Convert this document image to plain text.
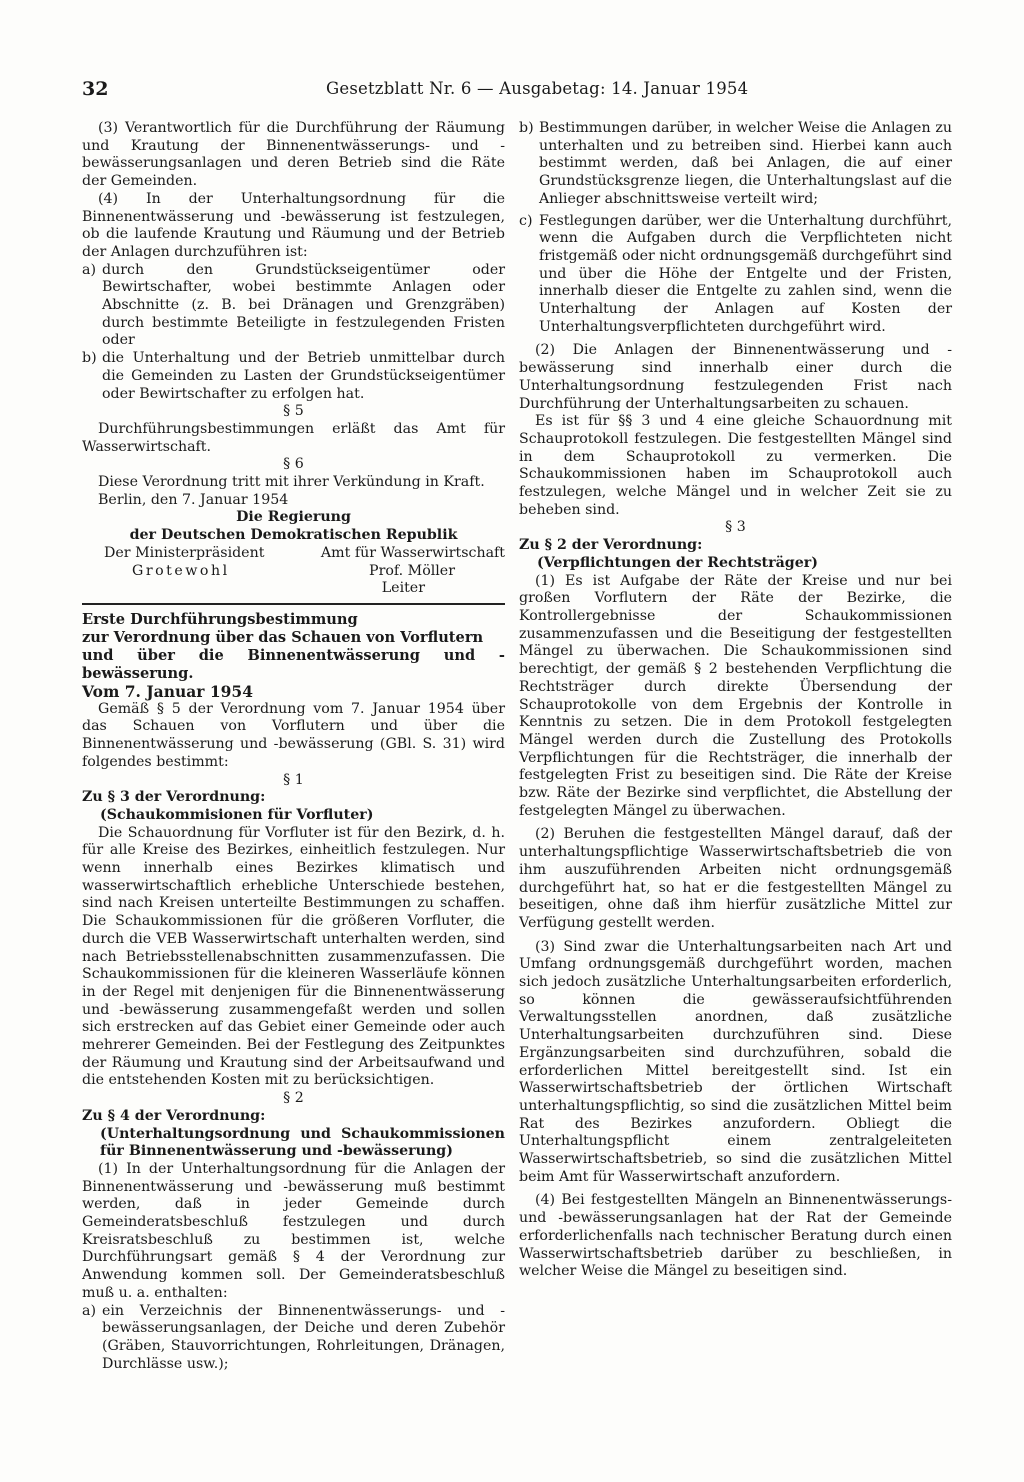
32	Gesetzblatt Nr. 6 — Ausgabetag: 14. Januar 1954

(3) Verantwortlich für die Durchführung der Räumung und Krautung der Binnenentwässerungs- und -bewässerungsanlagen und deren Betrieb sind die Räte der Gemeinden.

(4) In der Unterhaltungsordnung für die Binnenentwässerung und -bewässerung ist festzulegen, ob die laufende Krautung und Räumung und der Betrieb der Anlagen durchzuführen ist:

a) durch den Grundstückseigentümer oder Bewirtschafter, wobei bestimmte Anlagen oder Abschnitte (z. B. bei Dränagen und Grenzgräben) durch bestimmte Beteiligte in festzulegenden Fristen oder
b) die Unterhaltung und der Betrieb unmittelbar durch die Gemeinden zu Lasten der Grundstückseigentümer oder Bewirtschafter zu erfolgen hat.

§ 5

Durchführungsbestimmungen erläßt das Amt für Wasserwirtschaft.

§ 6

Diese Verordnung tritt mit ihrer Verkündung in Kraft.

Berlin, den 7. Januar 1954

Die Regierung

der Deutschen Demokratischen Republik

Der Ministerpräsident	Amt für Wasserwirtschaft
Grotewohl	Prof. Möller
Leiter

Erste Durchführungsbestimmung

zur Verordnung über das Schauen von Vorflutern

und über die Binnenentwässerung und -bewässerung.

Vom 7. Januar 1954

Gemäß § 5 der Verordnung vom 7. Januar 1954 über das Schauen von Vorflutern und über die Binnenentwässerung und -bewässerung (GBl. S. 31) wird folgendes bestimmt:

§ 1

Zu § 3 der Verordnung:

(Schaukommisionen für Vorfluter)

Die Schauordnung für Vorfluter ist für den Bezirk, d. h. für alle Kreise des Bezirkes, einheitlich festzulegen. Nur wenn innerhalb eines Bezirkes klimatisch und wasserwirtschaftlich erhebliche Unterschiede bestehen, sind nach Kreisen unterteilte Bestimmungen zu schaffen. Die Schaukommissionen für die größeren Vorfluter, die durch die VEB Wasserwirtschaft unterhalten werden, sind nach Betriebsstellenabschnitten zusammenzufassen. Die Schaukommissionen für die kleineren Wasserläufe können in der Regel mit denjenigen für die Binnenentwässerung und -bewässerung zusammengefaßt werden und sollen sich erstrecken auf das Gebiet einer Gemeinde oder auch mehrerer Gemeinden. Bei der Festlegung des Zeitpunktes der Räumung und Krautung sind der Arbeitsaufwand und die entstehenden Kosten mit zu berücksichtigen.

§ 2

Zu § 4 der Verordnung:

(Unterhaltungsordnung und Schaukommissionen für Binnenentwässerung und -bewässerung)

(1) In der Unterhaltungsordnung für die Anlagen der Binnenentwässerung und -bewässerung muß bestimmt werden, daß in jeder Gemeinde durch Gemeinderatsbeschluß festzulegen und durch Kreisratsbeschluß zu bestimmen ist, welche Durchführungsart gemäß § 4 der Verordnung zur Anwendung kommen soll. Der Gemeinderatsbeschluß muß u. a. enthalten:

a) ein Verzeichnis der Binnenentwässerungs- und -bewässerungsanlagen, der Deiche und deren Zubehör (Gräben, Stauvorrichtungen, Rohrleitungen, Dränagen, Durchlässe usw.);
b) Bestimmungen darüber, in welcher Weise die Anlagen zu unterhalten und zu betreiben sind. Hierbei kann auch bestimmt werden, daß bei Anlagen, die auf einer Grundstücksgrenze liegen, die Unterhaltungslast auf die Anlieger abschnittsweise verteilt wird;
c) Festlegungen darüber, wer die Unterhaltung durchführt, wenn die Aufgaben durch die Verpflichteten nicht fristgemäß oder nicht ordnungsgemäß durchgeführt sind und über die Höhe der Entgelte und der Fristen, innerhalb dieser die Entgelte zu zahlen sind, wenn die Unterhaltung der Anlagen auf Kosten der Unterhaltungsverpflichteten durchgeführt wird.

(2) Die Anlagen der Binnenentwässerung und -bewässerung sind innerhalb einer durch die Unterhaltungsordnung festzulegenden Frist nach Durchführung der Unterhaltungsarbeiten zu schauen.

Es ist für §§ 3 und 4 eine gleiche Schauordnung mit Schauprotokoll festzulegen. Die festgestellten Mängel sind in dem Schauprotokoll zu vermerken. Die Schaukommissionen haben im Schauprotokoll auch festzulegen, welche Mängel und in welcher Zeit sie zu beheben sind.

§ 3

Zu § 2 der Verordnung:

(Verpflichtungen der Rechtsträger)

(1) Es ist Aufgabe der Räte der Kreise und nur bei großen Vorflutern der Räte der Bezirke, die Kontrollergebnisse der Schaukommissionen zusammenzufassen und die Beseitigung der festgestellten Mängel zu überwachen. Die Schaukommissionen sind berechtigt, der gemäß § 2 bestehenden Verpflichtung die Rechtsträger durch direkte Übersendung der Schauprotokolle von dem Ergebnis der Kontrolle in Kenntnis zu setzen. Die in dem Protokoll festgelegten Mängel werden durch die Zustellung des Protokolls Verpflichtungen für die Rechtsträger, die innerhalb der festgelegten Frist zu beseitigen sind. Die Räte der Kreise bzw. Räte der Bezirke sind verpflichtet, die Abstellung der festgelegten Mängel zu überwachen.

(2) Beruhen die festgestellten Mängel darauf, daß der unterhaltungspflichtige Wasserwirtschaftsbetrieb die von ihm auszuführenden Arbeiten nicht ordnungsgemäß durchgeführt hat, so hat er die festgestellten Mängel zu beseitigen, ohne daß ihm hierfür zusätzliche Mittel zur Verfügung gestellt werden.

(3) Sind zwar die Unterhaltungsarbeiten nach Art und Umfang ordnungsgemäß durchgeführt worden, machen sich jedoch zusätzliche Unterhaltungsarbeiten erforderlich, so können die gewässeraufsichtführenden Verwaltungsstellen anordnen, daß zusätzliche Unterhaltungsarbeiten durchzuführen sind. Diese Ergänzungsarbeiten sind durchzuführen, sobald die erforderlichen Mittel bereitgestellt sind. Ist ein Wasserwirtschaftsbetrieb der örtlichen Wirtschaft unterhaltungspflichtig, so sind die zusätzlichen Mittel beim Rat des Bezirkes anzufordern. Obliegt die Unterhaltungspflicht einem zentralgeleiteten Wasserwirtschaftsbetrieb, so sind die zusätzlichen Mittel beim Amt für Wasserwirtschaft anzufordern.

(4) Bei festgestellten Mängeln an Binnenentwässerungs- und -bewässerungsanlagen hat der Rat der Gemeinde erforderlichenfalls nach technischer Beratung durch einen Wasserwirtschaftsbetrieb darüber zu beschließen, in welcher Weise die Mängel zu beseitigen sind.
